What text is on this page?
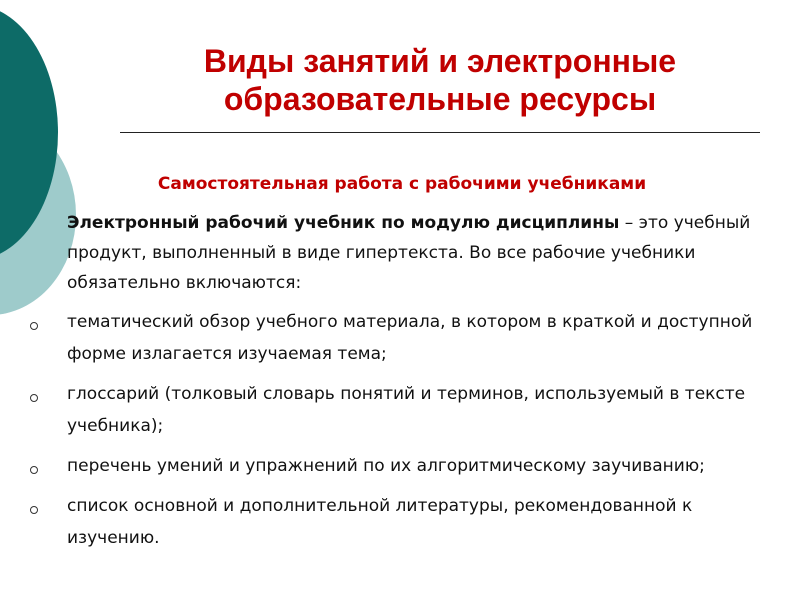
Виды занятий и электронные
образовательные ресурсы
Самостоятельная работа с рабочими учебниками

Электронный рабочий учебник по модулю дисциплины – это учебный продукт, выполненный в виде гипертекста. Во все рабочие учебники обязательно включаются:

тематический обзор учебного материала, в котором в краткой и доступной форме излагается изучаемая тема;
глоссарий (толковый словарь понятий и терминов, используемый в тексте учебника);
перечень умений и упражнений по их алгоритмическому заучиванию;
список основной и дополнительной литературы, рекомендованной к изучению.
